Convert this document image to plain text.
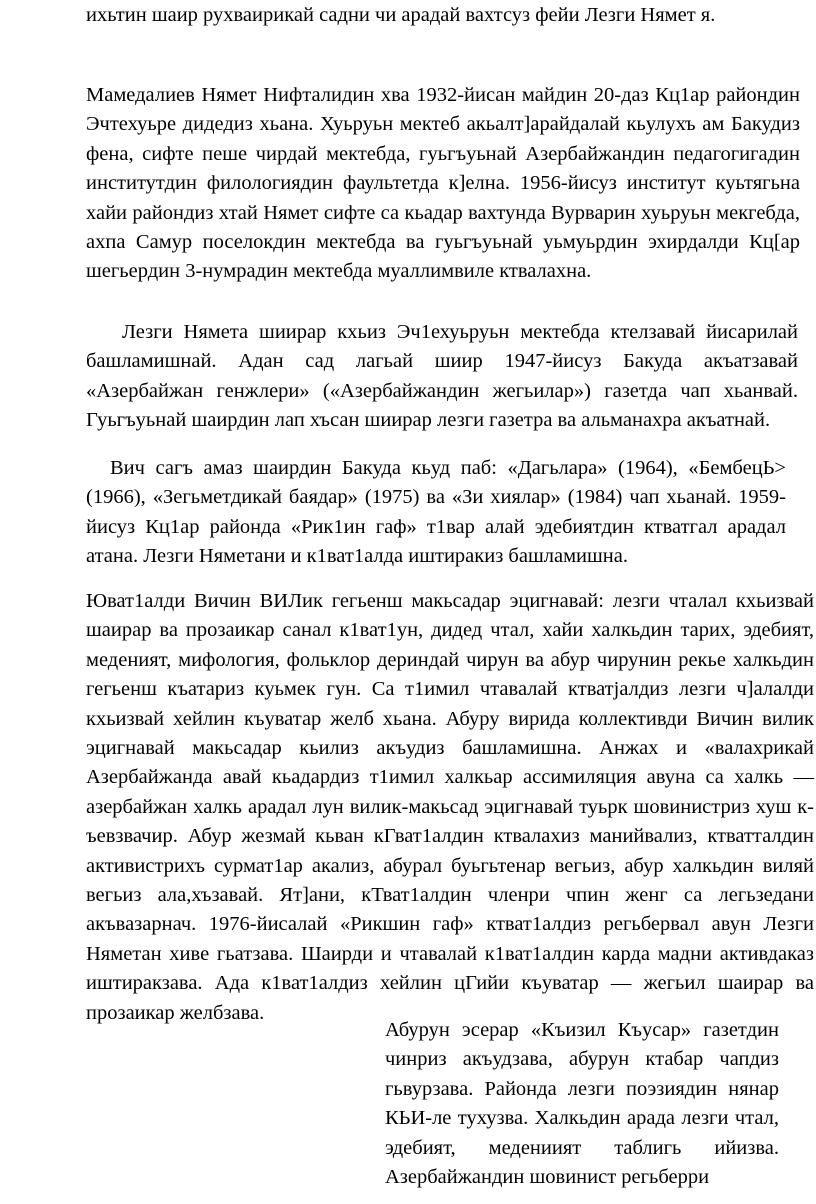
ихьтин шаир рухваирикай садни чи арадай вахтсуз фейи Лезги Нямет я.

Мамедалиев Нямет Нифталидин хва 1932-йисан майдин 20-даз Кц1ар райондин Эчтехуьре дидедиз хьана. Хуьруьн мектеб акьалт]арайдалай кьулухъ ам Бакудиз фена, сифте пеше чирдай мектебда, гуьгъуьнай Азербайжандин педагогигадин институтдин филологиядин фаультетда к]елна. 1956-йисуз институт куьтягьна хайи райондиз хтай Нямет сифте са кьадар вахтунда Вурварин хуьруьн мекгебда, ахпа Самур поселокдин мектебда ва гуьгъуьнай уьмуьрдин эхирдалди Кц[ар шегьердин 3-нумрадин мектебда муаллимвиле ктвалахна.

Лезги Нямета шиирар кхьиз Эч1ехуьруьн мектебда ктелзавай йисарилай башламишнай. Адан сад лагьай шиир 1947-йисуз Бакуда акъатзавай «Азербайжан генжлери» («Азербайжандин жегьилар») газетда чап хьанвай. Гуьгъуьнай шаирдин лап хъсан шиирар лезги газетра ва альманахра акъатнай.

Вич сагъ амаз шаирдин Бакуда кьуд паб: «Дагьлара» (1964), «БембецЬ> (1966), «Зегьметдикай баядар» (1975) ва «Зи хиялар» (1984) чап хьанай. 1959-йисуз Кц1ар районда «Рик1ин гаф» т1вар алай эдебиятдин ктватгал арадал атана. Лезги Няметани и к1ват1алда иштиракиз башламишна.

Юват1алди Вичин ВИЛик гегьенш макьсадар эцигнавай: лезги чталал кхьизвай шаирар ва прозаикар санал к1ват1ун, дидед чтал, хайи халкьдин тарих, эдебият, меденият, мифология, фольклор дериндай чирун ва абур чирунин рекье халкьдин гегьенш къатариз куьмек гун. Са т1имил чтавалай ктватјалдиз лезги ч]алалди кхьизвай хейлин къуватар желб хьана. Абуру вирида коллективди Вичин вилик эцигнавай макьсадар кьилиз акъудиз башламишна. Анжах и «валахрикай Азербайжанда авай кьадардиз т1имил халкьар ассимиляция авуна са халкь — азербайжан халкь арадал лун вилик-макьсад эцигнавай туьрк шовинистриз хуш к-ъевзвачир. Абур жезмай кьван кГват1алдин ктвалахиз манийвализ, ктватталдин активистрихъ сурмат1ар акализ, абурал буьгьтенар вегьиз, абур халкьдин виляй вегьиз ала,хъзавай. Ят]ани, кТват1алдин членри чпин женг са легьзедани акъвазарнач. 1976-йисалай «Рикшин гаф» ктват1алдиз регьбервал авун Лезги Няметан хиве гьатзава. Шаирди и чтавалай к1ват1алдин карда мадни активдаказ иштиракзава. Ада к1ват1алдиз хейлин цГийи къуватар — жегьил шаирар ва прозаикар желбзава.

Абурун эсерар «Къизил Къусар» газетдин чинриз акъудзава, абурун ктабар чапдиз гьвурзава. Районда лезги поэзиядин нянар КЬИ-ле тухузва. Халкьдин арада лезги чтал, эдебият, медениият таблигь ийизва. Азербайжандин шовинист регьберри
